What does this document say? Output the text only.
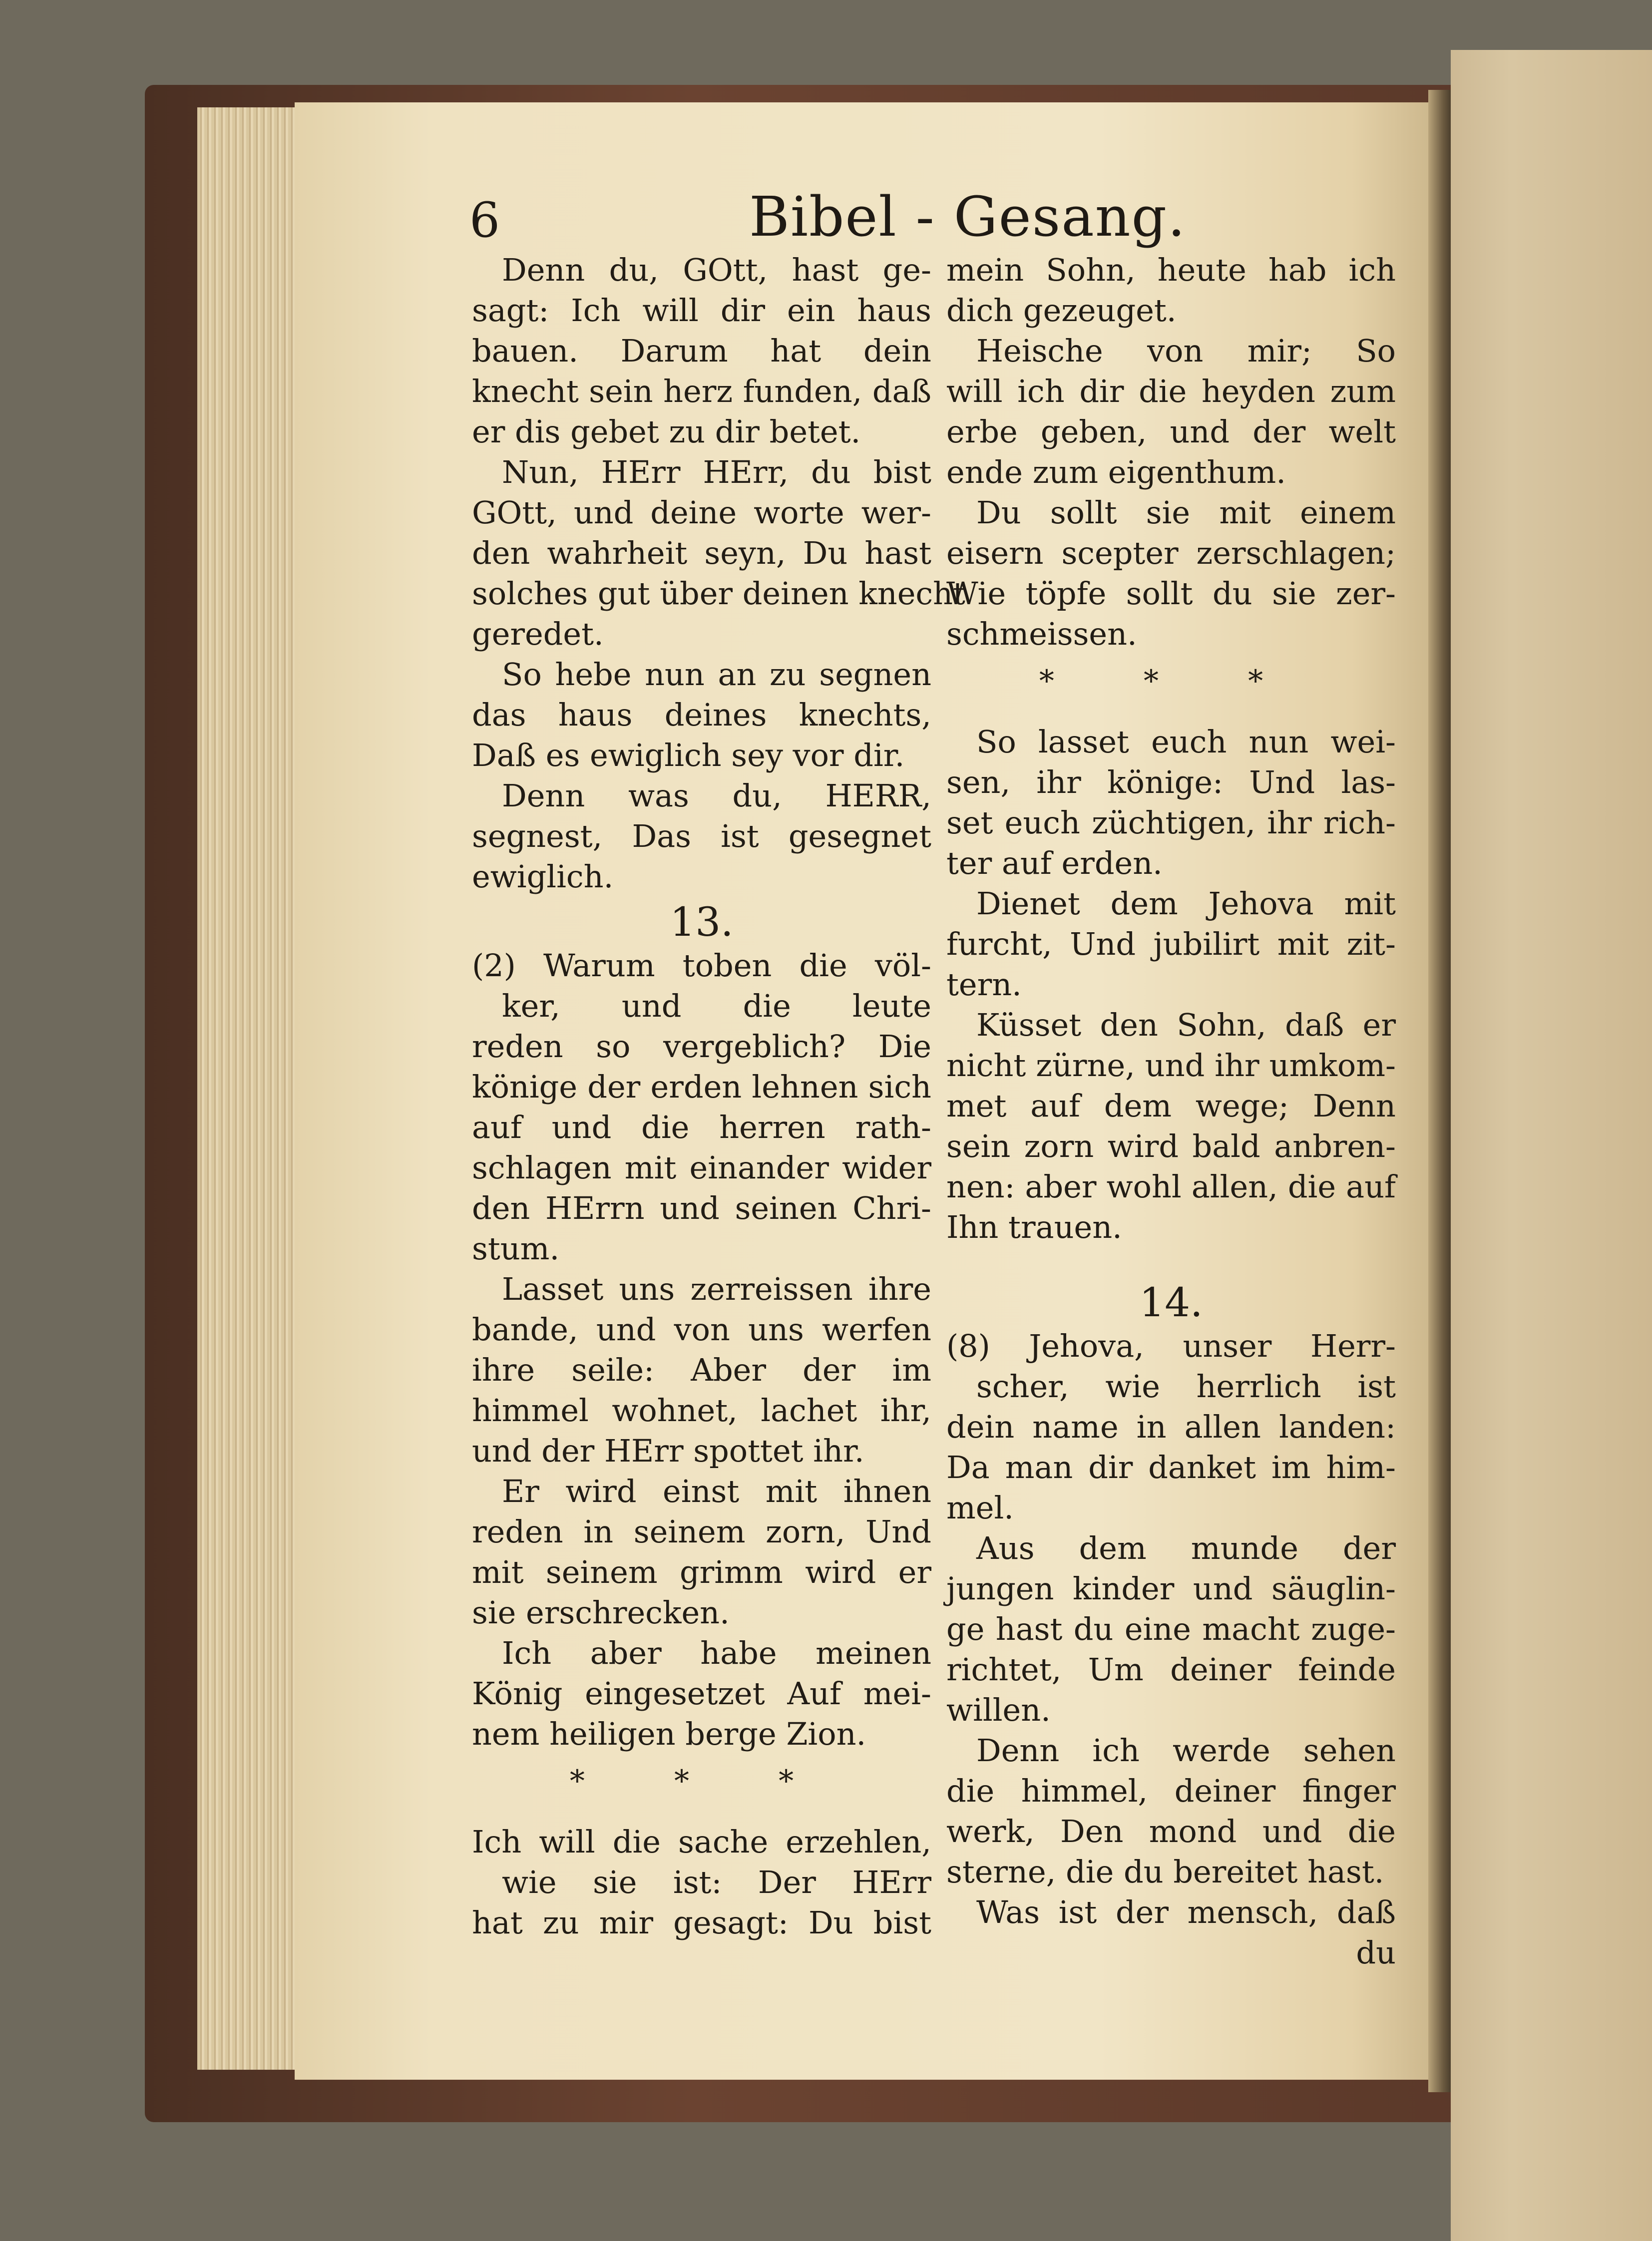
6	Bibel - Gesang.
Denn du, GOtt, hast ge-
sagt: Ich will dir ein haus
bauen. Darum hat dein
knecht sein herz funden, daß
er dis gebet zu dir betet.
Nun, HErr HErr, du bist
GOtt, und deine worte wer-
den wahrheit seyn, Du hast
solches gut über deinen knecht
geredet.
So hebe nun an zu segnen
das haus deines knechts,
Daß es ewiglich sey vor dir.
Denn was du, HERR,
segnest, Das ist gesegnet
ewiglich.
13.
(2) Warum toben die völ-
ker, und die leute
reden so vergeblich? Die
könige der erden lehnen sich
auf und die herren rath-
schlagen mit einander wider
den HErrn und seinen Chri-
stum.
Lasset uns zerreissen ihre
bande, und von uns werfen
ihre seile: Aber der im
himmel wohnet, lachet ihr,
und der HErr spottet ihr.
Er wird einst mit ihnen
reden in seinem zorn, Und
mit seinem grimm wird er
sie erschrecken.
Ich aber habe meinen
König eingesetzet Auf mei-
nem heiligen berge Zion.
* * *
Ich will die sache erzehlen,
wie sie ist: Der HErr
hat zu mir gesagt: Du bist
mein Sohn, heute hab ich
dich gezeuget.
Heische von mir; So
will ich dir die heyden zum
erbe geben, und der welt
ende zum eigenthum.
Du sollt sie mit einem
eisern scepter zerschlagen;
Wie töpfe sollt du sie zer-
schmeissen.
* * *
So lasset euch nun wei-
sen, ihr könige: Und las-
set euch züchtigen, ihr rich-
ter auf erden.
Dienet dem Jehova mit
furcht, Und jubilirt mit zit-
tern.
Küsset den Sohn, daß er
nicht zürne, und ihr umkom-
met auf dem wege; Denn
sein zorn wird bald anbren-
nen: aber wohl allen, die auf
Ihn trauen.
14.
(8) Jehova, unser Herr-
scher, wie herrlich ist
dein name in allen landen:
Da man dir danket im him-
mel.
Aus dem munde der
jungen kinder und säuglin-
ge hast du eine macht zuge-
richtet, Um deiner feinde
willen.
Denn ich werde sehen
die himmel, deiner finger
werk, Den mond und die
sterne, die du bereitet hast.
Was ist der mensch, daß
du
